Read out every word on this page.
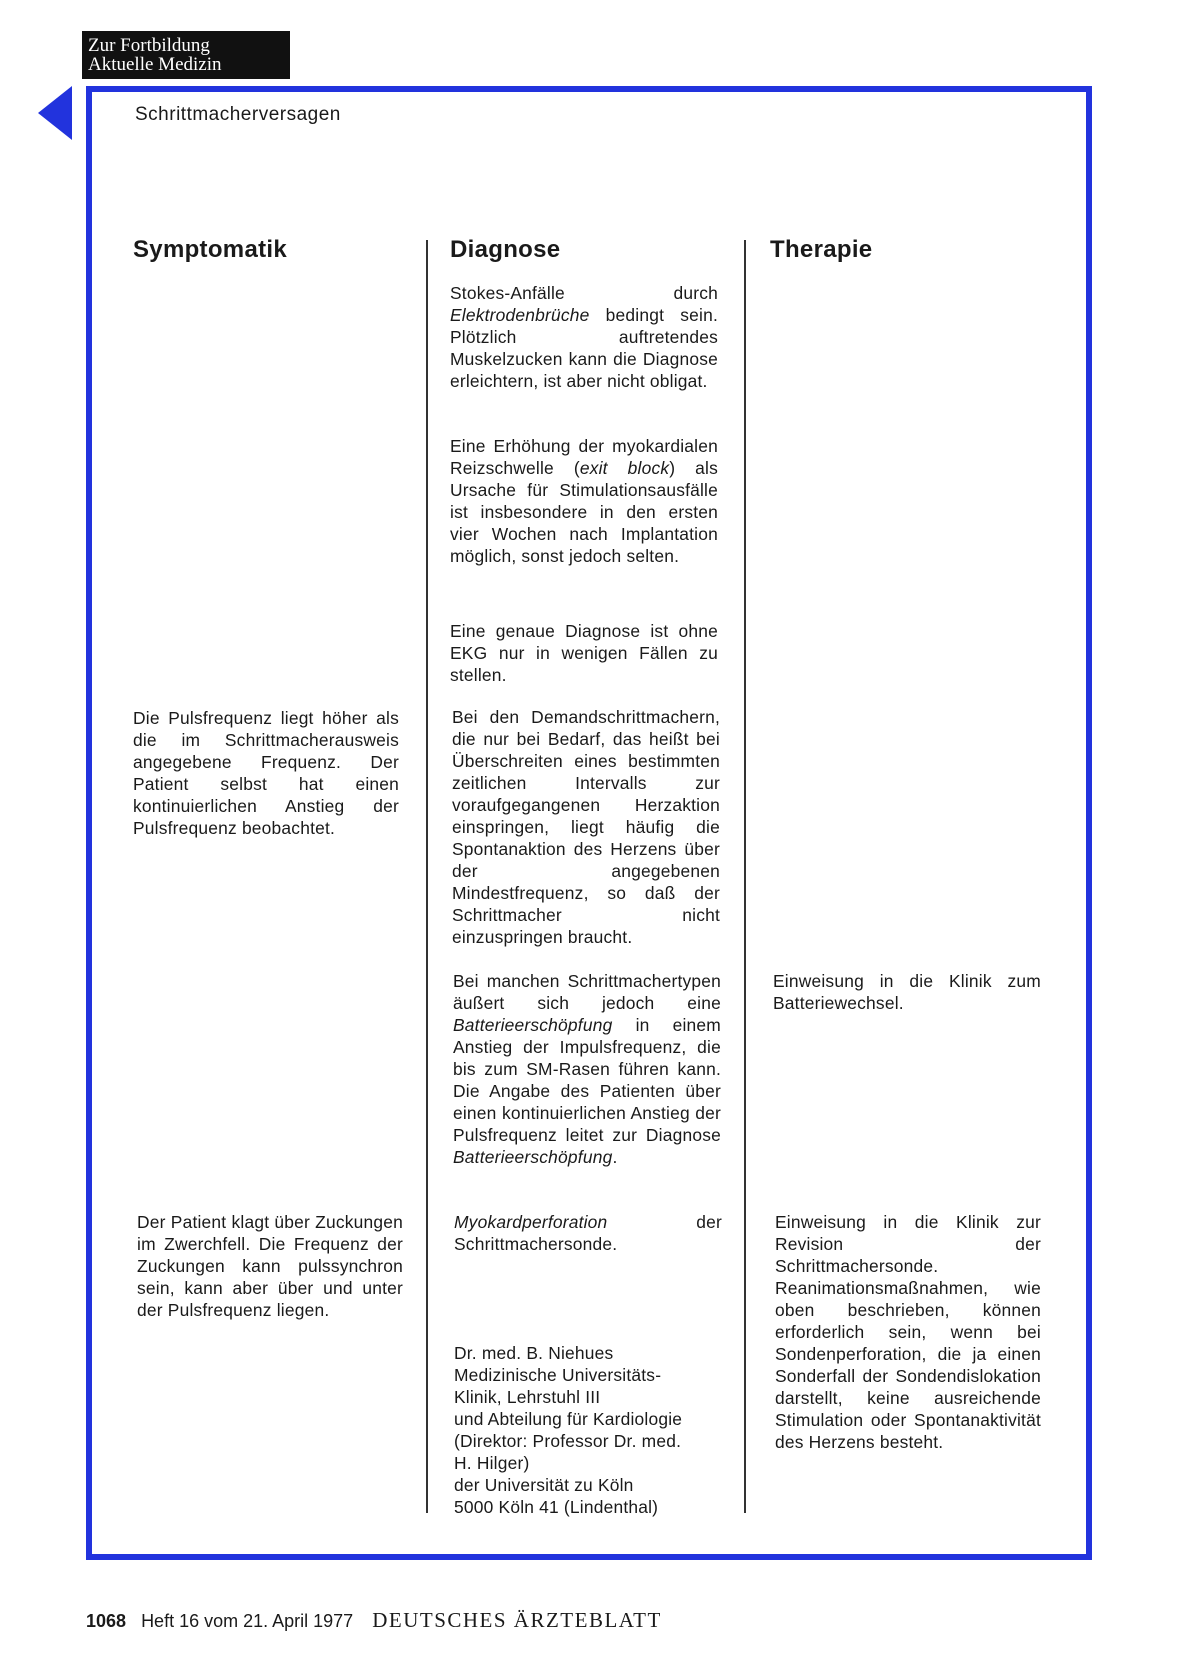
Zur Fortbildung
Aktuelle Medizin
Schrittmacherversagen
Symptomatik	Diagnose	Therapie
Stokes-Anfälle durch Elektrodenbrüche bedingt sein. Plötzlich auftretendes Muskelzucken kann die Diagnose erleichtern, ist aber nicht obligat.
Eine Erhöhung der myokardialen Reizschwelle (exit block) als Ursache für Stimulationsausfälle ist insbesondere in den ersten vier Wochen nach Implantation möglich, sonst jedoch selten.
Eine genaue Diagnose ist ohne EKG nur in wenigen Fällen zu stellen.
Bei den Demandschrittmachern, die nur bei Bedarf, das heißt bei Überschreiten eines bestimmten zeitlichen Intervalls zur voraufgegangenen Herzaktion einspringen, liegt häufig die Spontanaktion des Herzens über der angegebenen Mindestfrequenz, so daß der Schrittmacher nicht einzuspringen braucht.
Bei manchen Schrittmachertypen äußert sich jedoch eine Batterieerschöpfung in einem Anstieg der Impulsfrequenz, die bis zum SM-Rasen führen kann. Die Angabe des Patienten über einen kontinuierlichen Anstieg der Pulsfrequenz leitet zur Diagnose Batterieerschöpfung.
Myokardperforation der Schrittmachersonde.
Dr. med. B. Niehues
Medizinische Universitäts-
Klinik, Lehrstuhl III
und Abteilung für Kardiologie
(Direktor: Professor Dr. med.
H. Hilger)
der Universität zu Köln
5000 Köln 41 (Lindenthal)
Die Pulsfrequenz liegt höher als die im Schrittmacherausweis angegebene Frequenz. Der Patient selbst hat einen kontinuierlichen Anstieg der Pulsfrequenz beobachtet.
Der Patient klagt über Zuckungen im Zwerchfell. Die Frequenz der Zuckungen kann pulssynchron sein, kann aber über und unter der Pulsfrequenz liegen.
Einweisung in die Klinik zum Batteriewechsel.
Einweisung in die Klinik zur Revision der Schrittmachersonde. Reanimationsmaßnahmen, wie oben beschrieben, können erforderlich sein, wenn bei Sondenperforation, die ja einen Sonderfall der Sondendislokation darstellt, keine ausreichende Stimulation oder Spontanaktivität des Herzens besteht.
1068 Heft 16 vom 21. April 1977 DEUTSCHES ÄRZTEBLATT
